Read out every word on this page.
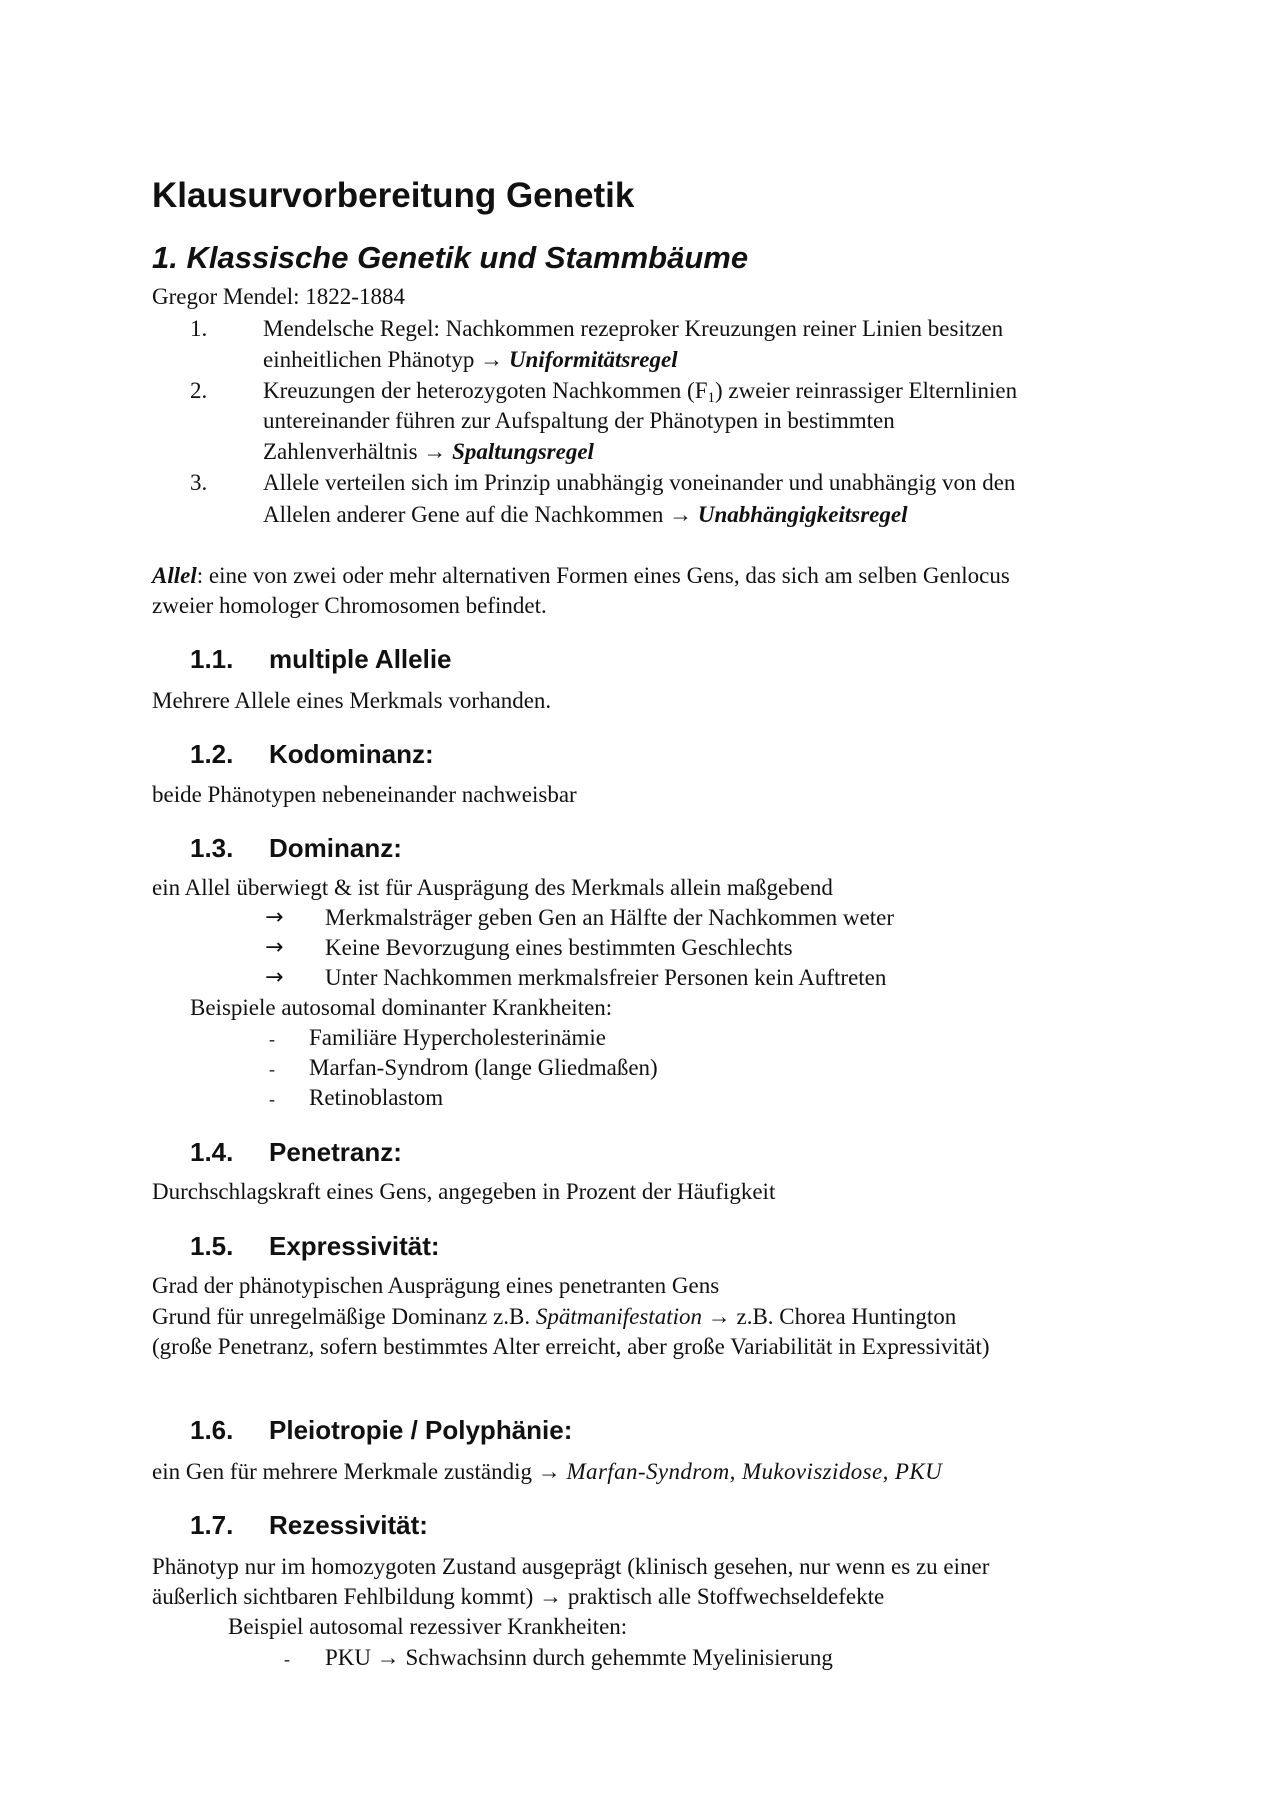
Klausurvorbereitung Genetik
1. Klassische Genetik und Stammbäume
Gregor Mendel: 1822-1884
1. Mendelsche Regel: Nachkommen rezeproker Kreuzungen reiner Linien besitzen
einheitlichen Phänotyp → Uniformitätsregel
2. Kreuzungen der heterozygoten Nachkommen $(F_1)$ zweier reinrassiger Elternlinien
untereinander führen zur Aufspaltung der Phänotypen in bestimmten
Zahlenverhältnis → Spaltungsregel
3. Allele verteilen sich im Prinzip unabhängig voneinander und unabhängig von den
Allelen anderer Gene auf die Nachkommen → Unabhängigkeitsregel
Allel: eine von zwei oder mehr alternativen Formen eines Gens, das sich am selben Genlocus
zweier homologer Chromosomen befindet.
1.1. multiple Allelie
Mehrere Allele eines Merkmals vorhanden.
1.2. Kodominanz:
beide Phänotypen nebeneinander nachweisbar
1.3. Dominanz:
ein Allel überwiegt & ist für Ausprägung des Merkmals allein maßgebend
→ Merkmalsträger geben Gen an Hälfte der Nachkommen weter
→ Keine Bevorzugung eines bestimmten Geschlechts
→ Unter Nachkommen merkmalsfreier Personen kein Auftreten
Beispiele autosomal dominanter Krankheiten:
- Familiäre Hypercholesterinämie
- Marfan-Syndrom (lange Gliedmaßen)
- Retinoblastom
1.4. Penetranz:
Durchschlagskraft eines Gens, angegeben in Prozent der Häufigkeit
1.5. Expressivität:
Grad der phänotypischen Ausprägung eines penetranten Gens
Grund für unregelmäßige Dominanz z.B. Spätmanifestation → z.B. Chorea Huntington
(große Penetranz, sofern bestimmtes Alter erreicht, aber große Variabilität in Expressivität)
1.6. Pleiotropie / Polyphänie:
ein Gen für mehrere Merkmale zuständig → Marfan-Syndrom, Mukoviszidose, PKU
1.7. Rezessivität:
Phänotyp nur im homozygoten Zustand ausgeprägt (klinisch gesehen, nur wenn es zu einer
äußerlich sichtbaren Fehlbildung kommt) → praktisch alle Stoffwechseldefekte
Beispiel autosomal rezessiver Krankheiten:
- PKU → Schwachsinn durch gehemmte Myelinisierung
